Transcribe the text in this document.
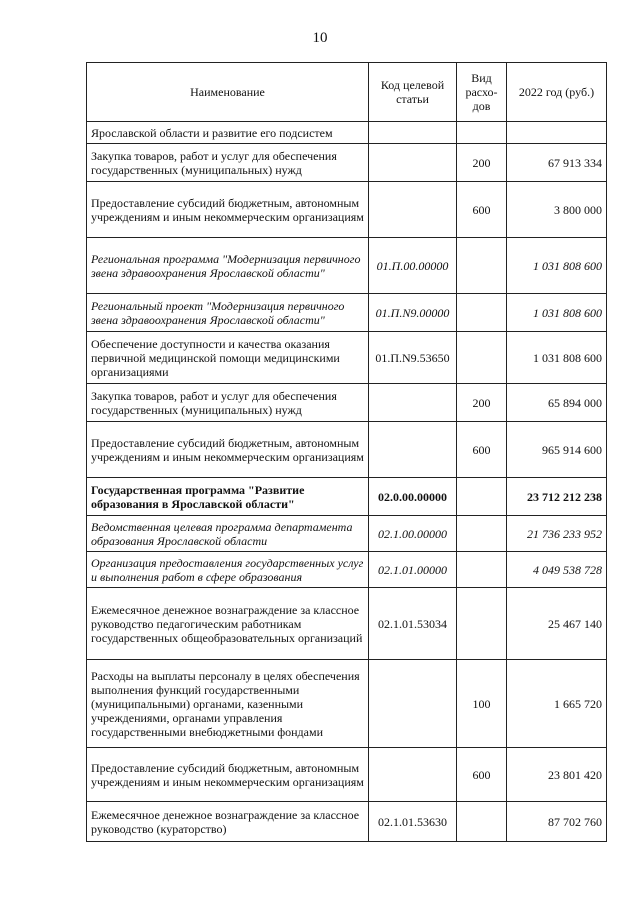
10
Наименование	Код целевой статьи	Вид расхо-дов	2022 год (руб.)
Ярославской области и развитие его подсистем			
Закупка товаров, работ и услуг для обеспечения государственных (муниципальных) нужд		200	67 913 334
Предоставление субсидий бюджетным, автономным учреждениям и иным некоммерческим организациям		600	3 800 000
Региональная программа "Модернизация первичного звена здравоохранения Ярославской области"	01.П.00.00000		1 031 808 600
Региональный проект "Модернизация первичного звена здравоохранения Ярославской области"	01.П.N9.00000		1 031 808 600
Обеспечение доступности и качества оказания первичной медицинской помощи медицинскими организациями	01.П.N9.53650		1 031 808 600
Закупка товаров, работ и услуг для обеспечения государственных (муниципальных) нужд		200	65 894 000
Предоставление субсидий бюджетным, автономным учреждениям и иным некоммерческим организациям		600	965 914 600
Государственная программа "Развитие образования в Ярославской области"	02.0.00.00000		23 712 212 238
Ведомственная целевая программа департамента образования Ярославской области	02.1.00.00000		21 736 233 952
Организация предоставления государственных услуг и выполнения работ в сфере образования	02.1.01.00000		4 049 538 728
Ежемесячное денежное вознаграждение за классное руководство педагогическим работникам государственных общеобразовательных организаций	02.1.01.53034		25 467 140
Расходы на выплаты персоналу в целях обеспечения выполнения функций государственными (муниципальными) органами, казенными учреждениями, органами управления государственными внебюджетными фондами		100	1 665 720
Предоставление субсидий бюджетным, автономным учреждениям и иным некоммерческим организациям		600	23 801 420
Ежемесячное денежное вознаграждение за классное руководство (кураторство)	02.1.01.53630		87 702 760
